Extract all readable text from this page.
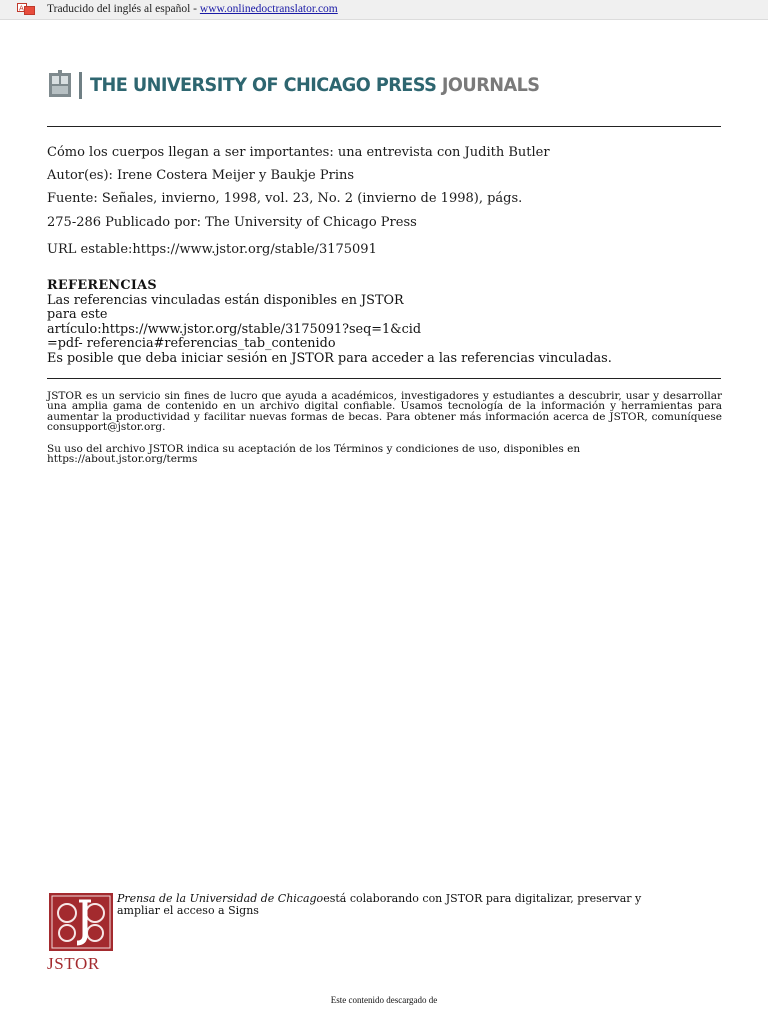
A Traducido del inglés al español - www.onlinedoctranslator.com
THE UNIVERSITY OF CHICAGO PRESS JOURNALS
Cómo los cuerpos llegan a ser importantes: una entrevista con Judith Butler
Autor(es): Irene Costera Meijer y Baukje Prins
Fuente: Señales, invierno, 1998, vol. 23, No. 2 (invierno de 1998), págs.
275-286 Publicado por: The University of Chicago Press
URL estable:https://www.jstor.org/stable/3175091
REFERENCIAS
Las referencias vinculadas están disponibles en JSTOR
para este
artículo:https://www.jstor.org/stable/3175091?seq=1&cid
=pdf- referencia#referencias_tab_contenido
Es posible que deba iniciar sesión en JSTOR para acceder a las referencias vinculadas.
JSTOR es un servicio sin fines de lucro que ayuda a académicos, investigadores y estudiantes a descubrir, usar y desarrollar una amplia gama de contenido en un archivo digital confiable. Usamos tecnología de la información y herramientas para aumentar la productividad y facilitar nuevas formas de becas. Para obtener más información acerca de JSTOR, comuníquese consupport@jstor.org.
Su uso del archivo JSTOR indica su aceptación de los Términos y condiciones de uso, disponibles en
https://about.jstor.org/terms
JSTOR
Prensa de la Universidad de Chicagoestá colaborando con JSTOR para digitalizar, preservar y ampliar el acceso a Signs
Este contenido descargado de
